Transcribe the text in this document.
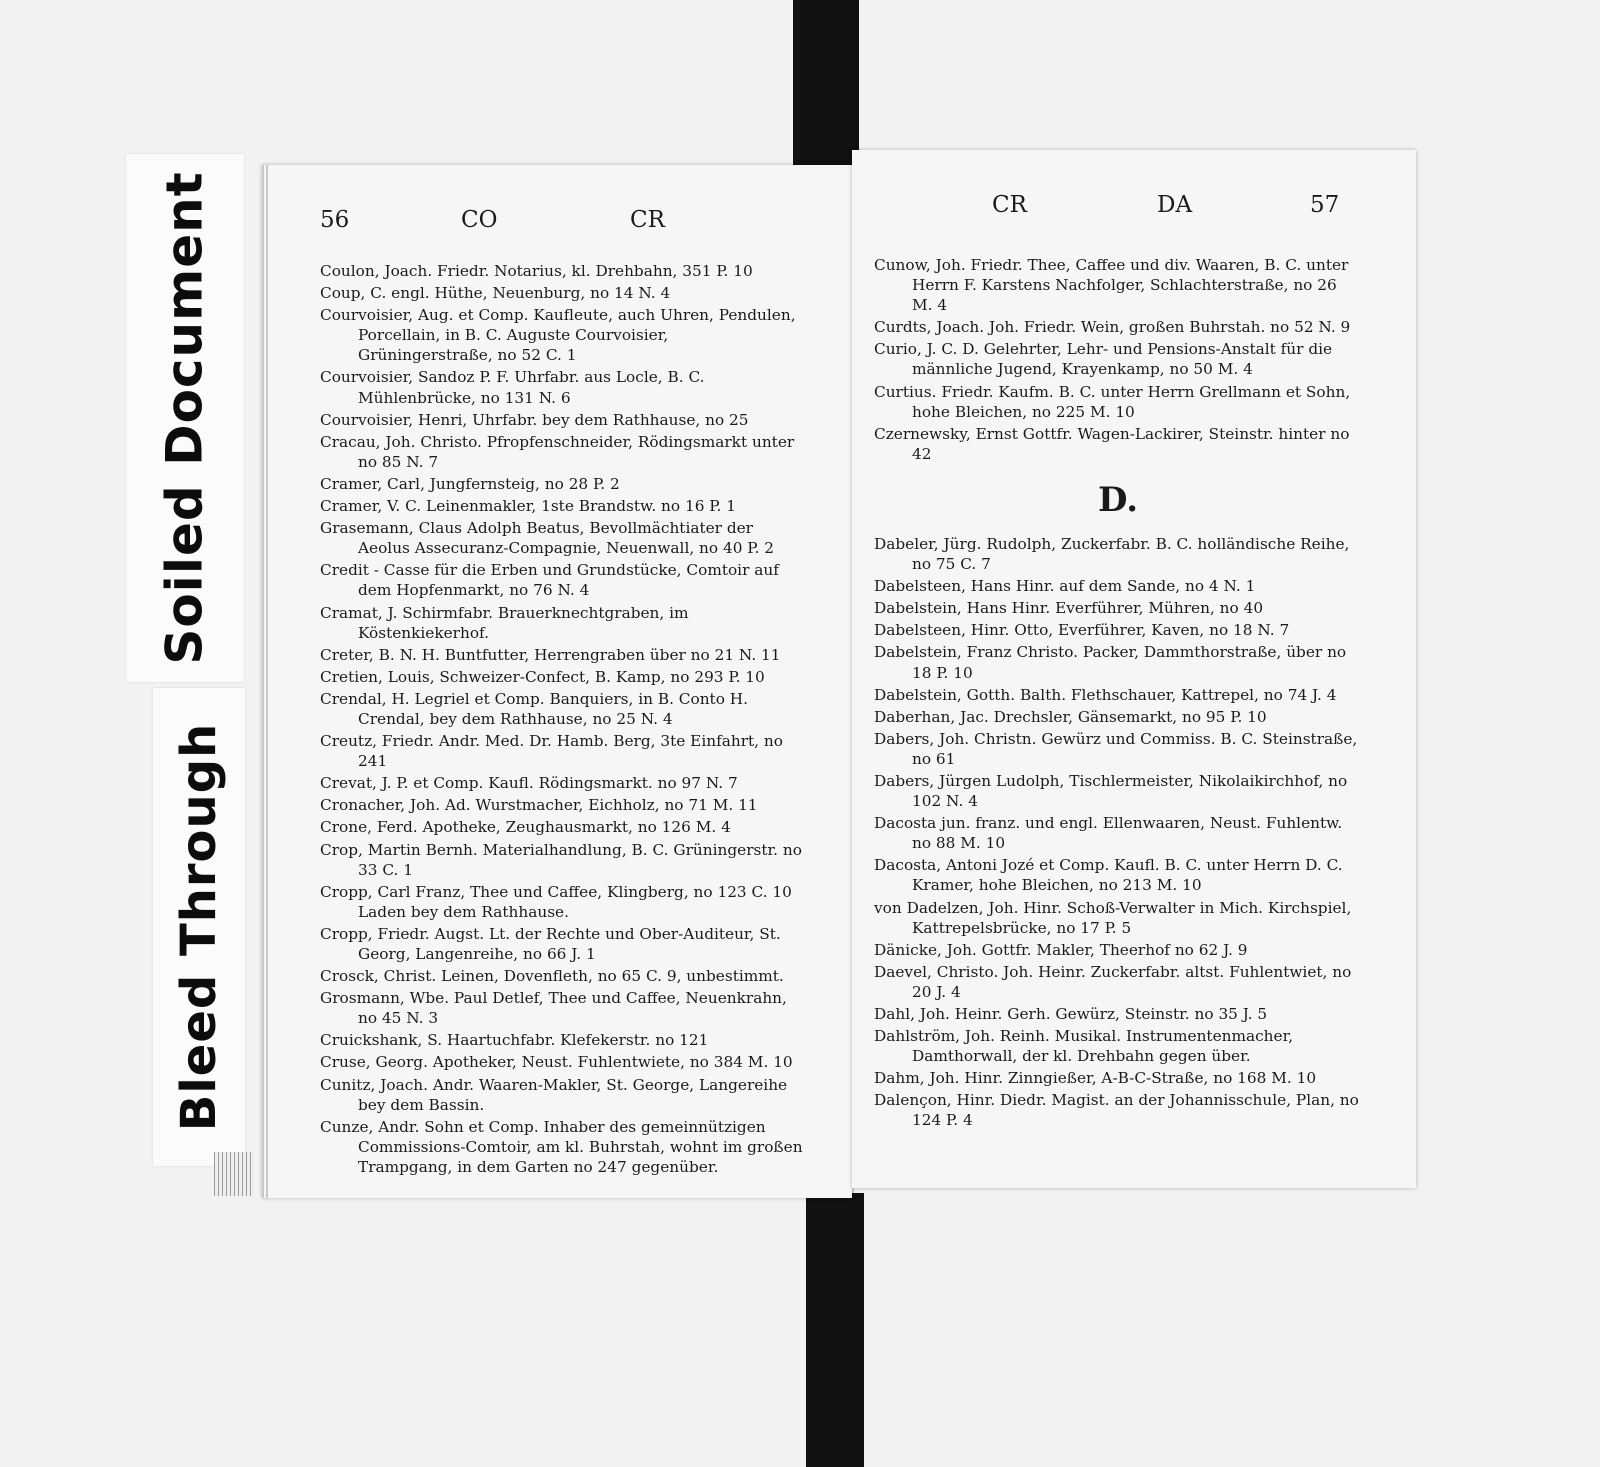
Soiled Document
Bleed Through
56	CO	CR

Coulon, Joach. Friedr. Notarius, kl. Drehbahn, 351 P. 10

Coup, C. engl. Hüthe, Neuenburg, no 14 N. 4

Courvoisier, Aug. et Comp. Kaufleute, auch Uhren, Pendulen, Porcellain, in B. C. Auguste Courvoisier, Grüningerstraße, no 52 C. 1

Courvoisier, Sandoz P. F. Uhrfabr. aus Locle, B. C. Mühlenbrücke, no 131 N. 6

Courvoisier, Henri, Uhrfabr. bey dem Rathhause, no 25

Cracau, Joh. Christo. Pfropfenschneider, Rödingsmarkt unter no 85 N. 7

Cramer, Carl, Jungfernsteig, no 28 P. 2

Cramer, V. C. Leinenmakler, 1ste Brandstw. no 16 P. 1

Grasemann, Claus Adolph Beatus, Bevollmächtiater der Aeolus Assecuranz-Compagnie, Neuenwall, no 40 P. 2

Credit - Casse für die Erben und Grundstücke, Comtoir auf dem Hopfenmarkt, no 76 N. 4

Cramat, J. Schirmfabr. Brauerknechtgraben, im Köstenkiekerhof.

Creter, B. N. H. Buntfutter, Herrengraben über no 21 N. 11

Cretien, Louis, Schweizer-Confect, B. Kamp, no 293 P. 10

Crendal, H. Legriel et Comp. Banquiers, in B. Conto H. Crendal, bey dem Rathhause, no 25 N. 4

Creutz, Friedr. Andr. Med. Dr. Hamb. Berg, 3te Einfahrt, no 241

Crevat, J. P. et Comp. Kaufl. Rödingsmarkt. no 97 N. 7

Cronacher, Joh. Ad. Wurstmacher, Eichholz, no 71 M. 11

Crone, Ferd. Apotheke, Zeughausmarkt, no 126 M. 4

Crop, Martin Bernh. Materialhandlung, B. C. Grüningerstr. no 33 C. 1

Cropp, Carl Franz, Thee und Caffee, Klingberg, no 123 C. 10 Laden bey dem Rathhause.

Cropp, Friedr. Augst. Lt. der Rechte und Ober-Auditeur, St. Georg, Langenreihe, no 66 J. 1

Crosck, Christ. Leinen, Dovenfleth, no 65 C. 9, unbestimmt.

Grosmann, Wbe. Paul Detlef, Thee und Caffee, Neuenkrahn, no 45 N. 3

Cruickshank, S. Haartuchfabr. Klefekerstr. no 121

Cruse, Georg. Apotheker, Neust. Fuhlentwiete, no 384 M. 10

Cunitz, Joach. Andr. Waaren-Makler, St. George, Langereihe bey dem Bassin.

Cunze, Andr. Sohn et Comp. Inhaber des gemeinnützigen Commissions-Comtoir, am kl. Buhrstah, wohnt im großen Trampgang, in dem Garten no 247 gegenüber.

CR	DA	57

Cunow, Joh. Friedr. Thee, Caffee und div. Waaren, B. C. unter Herrn F. Karstens Nachfolger, Schlachterstraße, no 26 M. 4

Curdts, Joach. Joh. Friedr. Wein, großen Buhrstah. no 52 N. 9

Curio, J. C. D. Gelehrter, Lehr- und Pensions-Anstalt für die männliche Jugend, Krayenkamp, no 50 M. 4

Curtius. Friedr. Kaufm. B. C. unter Herrn Grellmann et Sohn, hohe Bleichen, no 225 M. 10

Czernewsky, Ernst Gottfr. Wagen-Lackirer, Steinstr. hinter no 42

D.

Dabeler, Jürg. Rudolph, Zuckerfabr. B. C. holländische Reihe, no 75 C. 7

Dabelsteen, Hans Hinr. auf dem Sande, no 4 N. 1

Dabelstein, Hans Hinr. Everführer, Mühren, no 40

Dabelsteen, Hinr. Otto, Everführer, Kaven, no 18 N. 7

Dabelstein, Franz Christo. Packer, Dammthorstraße, über no 18 P. 10

Dabelstein, Gotth. Balth. Flethschauer, Kattrepel, no 74 J. 4

Daberhan, Jac. Drechsler, Gänsemarkt, no 95 P. 10

Dabers, Joh. Christn. Gewürz und Commiss. B. C. Steinstraße, no 61

Dabers, Jürgen Ludolph, Tischlermeister, Nikolaikirchhof, no 102 N. 4

Dacosta jun. franz. und engl. Ellenwaaren, Neust. Fuhlentw. no 88 M. 10

Dacosta, Antoni Jozé et Comp. Kaufl. B. C. unter Herrn D. C. Kramer, hohe Bleichen, no 213 M. 10

von Dadelzen, Joh. Hinr. Schoß-Verwalter in Mich. Kirchspiel, Kattrepelsbrücke, no 17 P. 5

Dänicke, Joh. Gottfr. Makler, Theerhof no 62 J. 9

Daevel, Christo. Joh. Heinr. Zuckerfabr. altst. Fuhlentwiet, no 20 J. 4

Dahl, Joh. Heinr. Gerh. Gewürz, Steinstr. no 35 J. 5

Dahlström, Joh. Reinh. Musikal. Instrumentenmacher, Damthorwall, der kl. Drehbahn gegen über.

Dahm, Joh. Hinr. Zinngießer, A-B-C-Straße, no 168 M. 10

Dalençon, Hinr. Diedr. Magist. an der Johannisschule, Plan, no 124 P. 4
